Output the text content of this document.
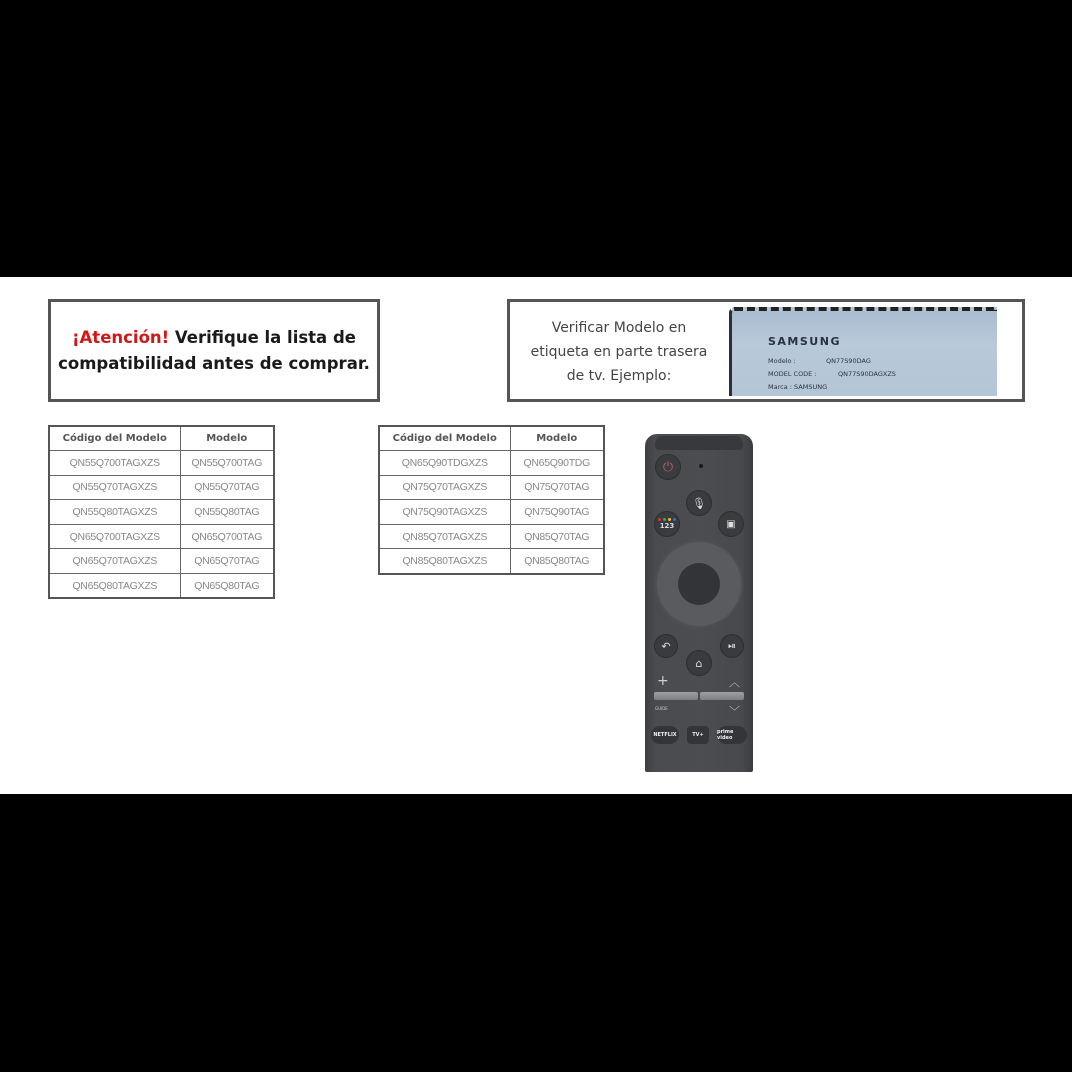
¡Atención! Verifique la lista de
compatibilidad antes de comprar.
Verificar Modelo en
etiqueta en parte trasera
de tv. Ejemplo:
SAMSUNG
Modelo :	QN77S90DAG
MODEL CODE :	QN77S90DAGXZS
Marca : SAMSUNG
Código del Modelo	Modelo
QN55Q700TAGXZS	QN55Q700TAG
QN55Q70TAGXZS	QN55Q70TAG
QN55Q80TAGXZS	QN55Q80TAG
QN65Q700TAGXZS	QN65Q700TAG
QN65Q70TAGXZS	QN65Q70TAG
QN65Q80TAGXZS	QN65Q80TAG
Código del Modelo	Modelo
QN65Q90TDGXZS	QN65Q90TDG
QN75Q70TAGXZS	QN75Q70TAG
QN75Q90TAGXZS	QN75Q90TAG
QN85Q70TAGXZS	QN85Q70TAG
QN85Q80TAGXZS	QN85Q80TAG
⏻
🎙
123	▣
↶
⌂
⏯
+	︿
GUIDE	﹀
NETFLIX	TV+	prime video
